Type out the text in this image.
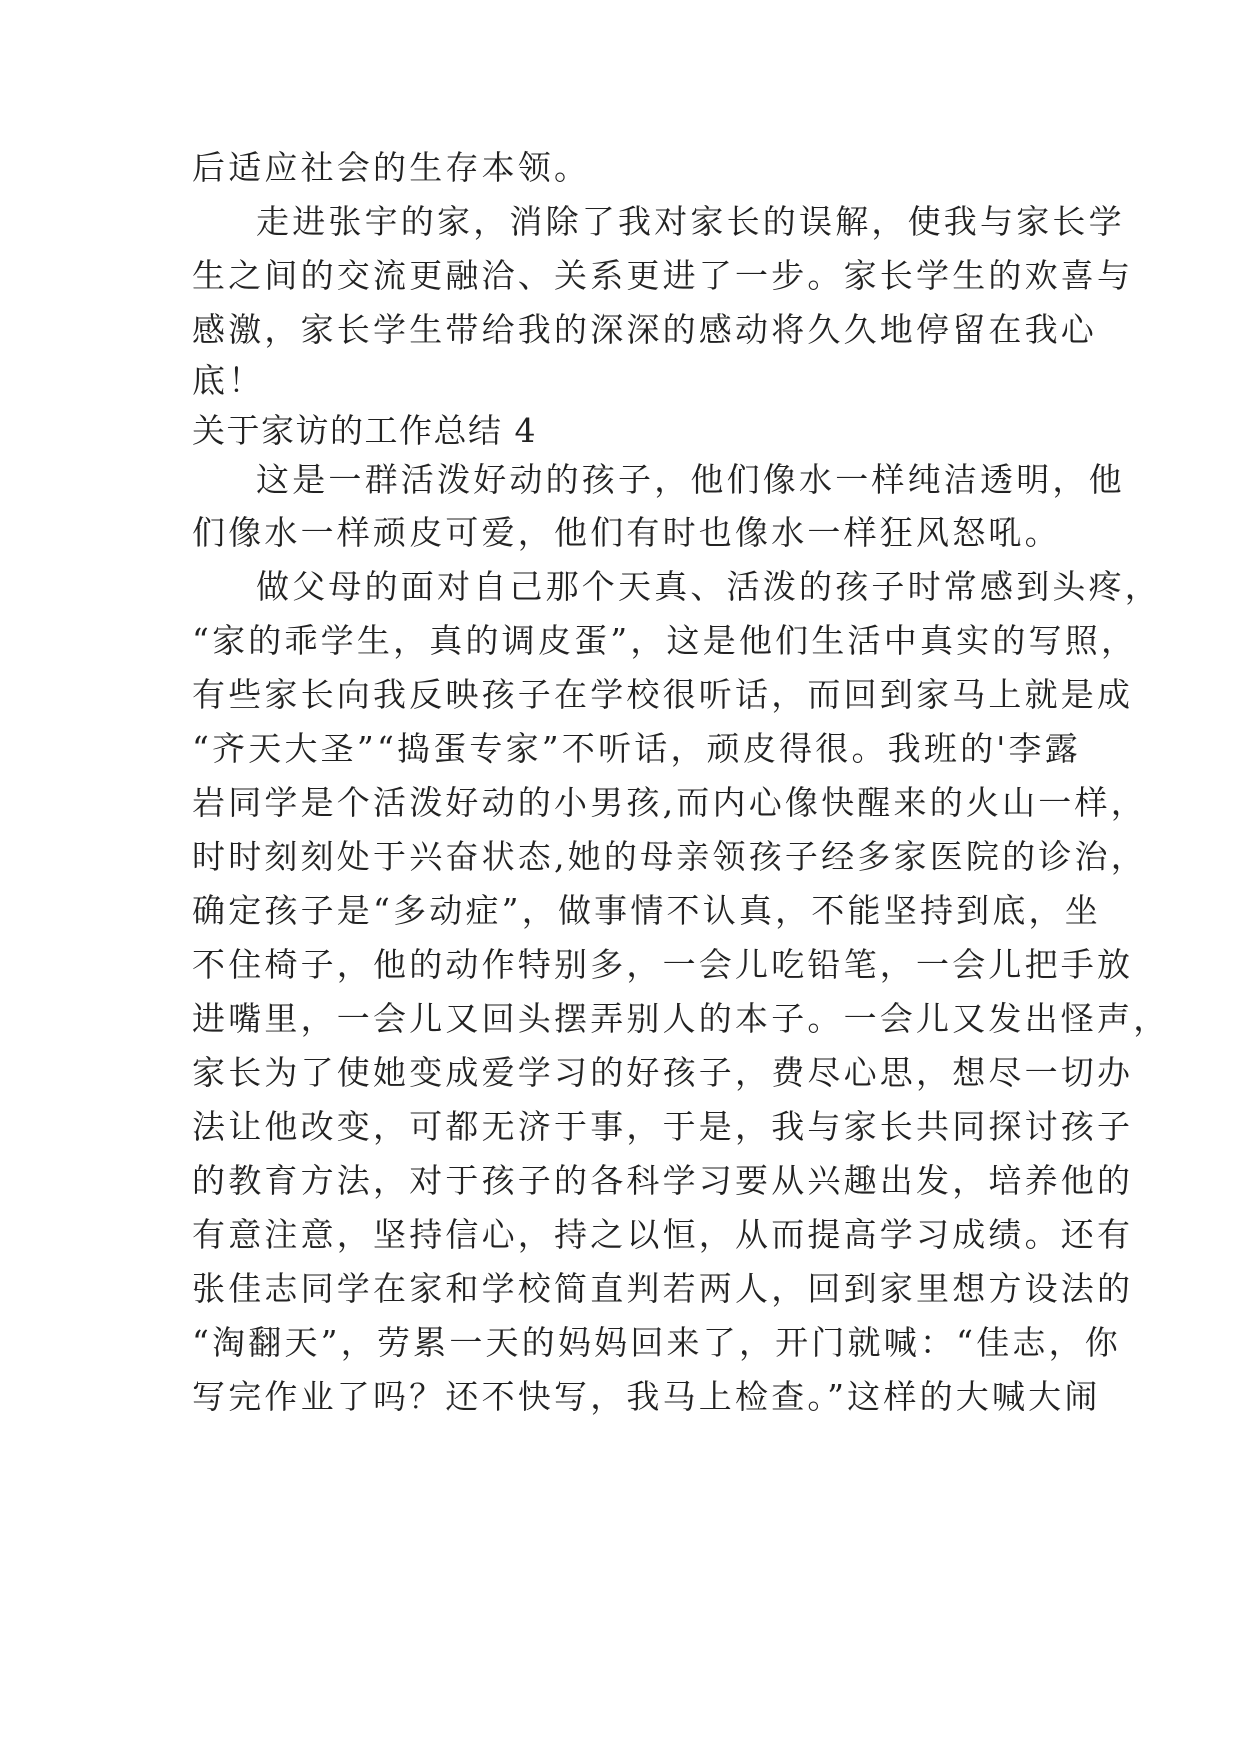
后适应社会的生存本领。
走进张宇的家，消除了我对家长的误解，使我与家长学
生之间的交流更融洽、关系更进了一步。家长学生的欢喜与
感激，家长学生带给我的深深的感动将久久地停留在我心
底！
关于家访的工作总结 4
这是一群活泼好动的孩子，他们像水一样纯洁透明，他
们像水一样顽皮可爱，他们有时也像水一样狂风怒吼。
做父母的面对自己那个天真、活泼的孩子时常感到头疼，
“家的乖学生，真的调皮蛋”，这是他们生活中真实的写照，
有些家长向我反映孩子在学校很听话，而回到家马上就是成
“齐天大圣”“捣蛋专家”不听话，顽皮得很。我班的'李露
岩同学是个活泼好动的小男孩,而内心像快醒来的火山一样，
时时刻刻处于兴奋状态,她的母亲领孩子经多家医院的诊治，
确定孩子是“多动症”，做事情不认真，不能坚持到底，坐
不住椅子，他的动作特别多，一会儿吃铅笔，一会儿把手放
进嘴里，一会儿又回头摆弄别人的本子。一会儿又发出怪声，
家长为了使她变成爱学习的好孩子，费尽心思，想尽一切办
法让他改变，可都无济于事，于是，我与家长共同探讨孩子
的教育方法，对于孩子的各科学习要从兴趣出发，培养他的
有意注意，坚持信心，持之以恒，从而提高学习成绩。还有
张佳志同学在家和学校简直判若两人，回到家里想方设法的
“淘翻天”，劳累一天的妈妈回来了，开门就喊：“佳志，你
写完作业了吗？还不快写，我马上检查。”这样的大喊大闹
